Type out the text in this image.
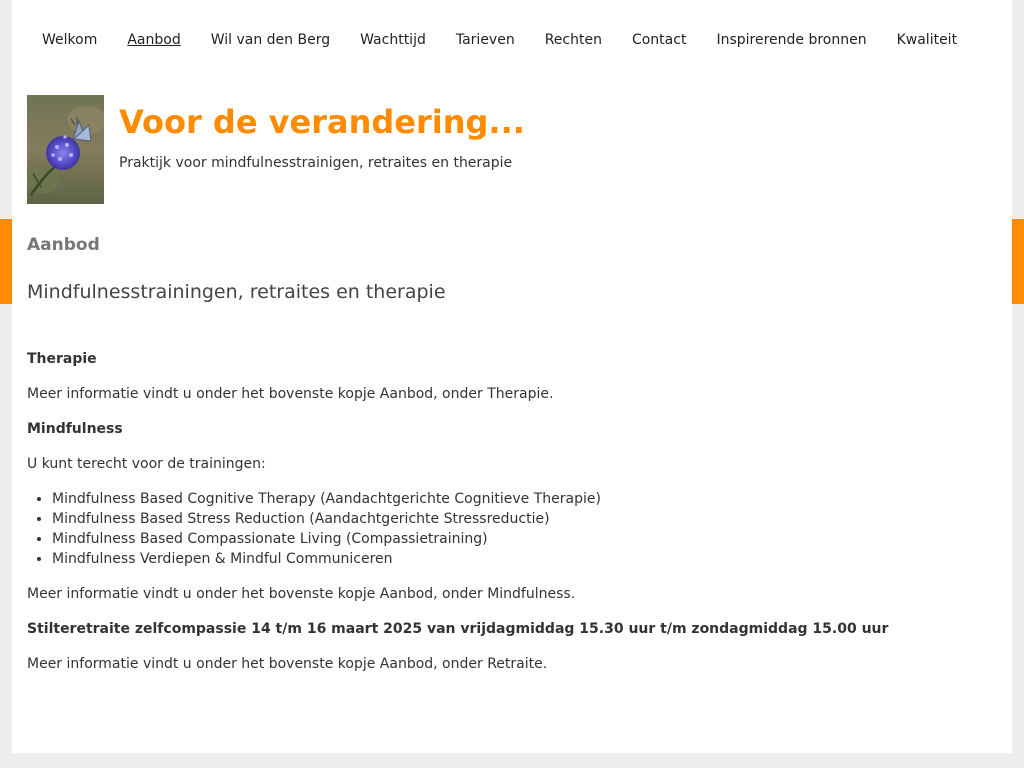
Welkom	Aanbod	Wil van den Berg	Wachttijd	Tarieven	Rechten	Contact	Inspirerende bronnen	Kwaliteit
Voor de verandering...

Praktijk voor mindfulnesstrainigen, retraites en therapie

Aanbod
Mindfulnesstrainingen, retraites en therapie

Therapie

Meer informatie vindt u onder het bovenste kopje Aanbod, onder Therapie.

Mindfulness

U kunt terecht voor de trainingen:

• Mindfulness Based Cognitive Therapy (Aandachtgerichte Cognitieve Therapie)
• Mindfulness Based Stress Reduction (Aandachtgerichte Stressreductie)
• Mindfulness Based Compassionate Living (Compassietraining)
• Mindfulness Verdiepen & Mindful Communiceren

Meer informatie vindt u onder het bovenste kopje Aanbod, onder Mindfulness.

Stilteretraite zelfcompassie 14 t/m 16 maart 2025 van vrijdagmiddag 15.30 uur t/m zondagmiddag 15.00 uur

Meer informatie vindt u onder het bovenste kopje Aanbod, onder Retraite.
